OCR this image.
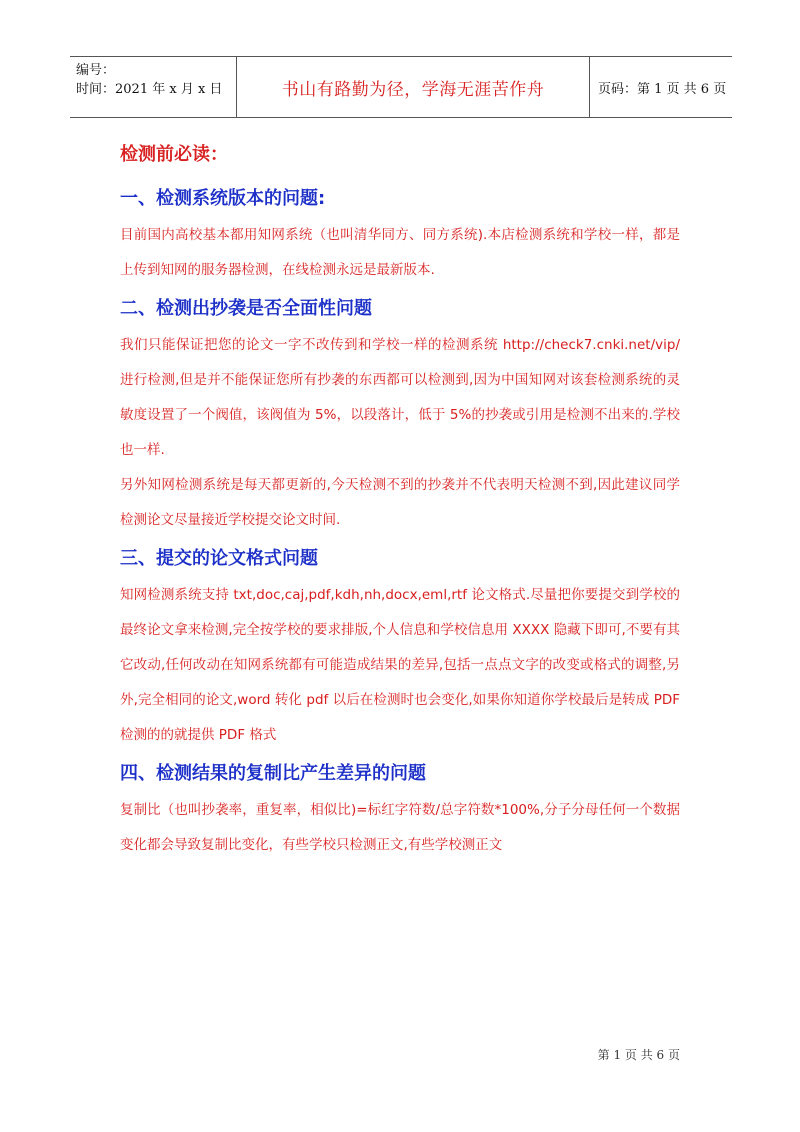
编号：
时间：2021 年 x 月 x 日	书山有路勤为径，学海无涯苦作舟	页码：第 1 页 共 6 页
检测前必读：
一、检测系统版本的问题:

目前国内高校基本都用知网系统（也叫清华同方、同方系统).本店检测系统和学校一样，都是上传到知网的服务器检测，在线检测永远是最新版本.

二、检测出抄袭是否全面性问题

我们只能保证把您的论文一字不改传到和学校一样的检测系统 http://check7.cnki.net/vip/ 进行检测,但是并不能保证您所有抄袭的东西都可以检测到,因为中国知网对该套检测系统的灵敏度设置了一个阀值，该阀值为 5%，以段落计，低于 5%的抄袭或引用是检测不出来的.学校也一样.

另外知网检测系统是每天都更新的,今天检测不到的抄袭并不代表明天检测不到,因此建议同学检测论文尽量接近学校提交论文时间.

三、提交的论文格式问题

知网检测系统支持 txt,doc,caj,pdf,kdh,nh,docx,eml,rtf 论文格式.尽量把你要提交到学校的最终论文拿来检测,完全按学校的要求排版,个人信息和学校信息用 XXXX 隐藏下即可,不要有其它改动,任何改动在知网系统都有可能造成结果的差异,包括一点点文字的改变或格式的调整,另外,完全相同的论文,word 转化 pdf 以后在检测时也会变化,如果你知道你学校最后是转成 PDF 检测的的就提供 PDF 格式

四、检测结果的复制比产生差异的问题

复制比（也叫抄袭率，重复率，相似比)=标红字符数/总字符数*100%,分子分母任何一个数据变化都会导致复制比变化，有些学校只检测正文,有些学校测正文

第 1 页 共 6 页
